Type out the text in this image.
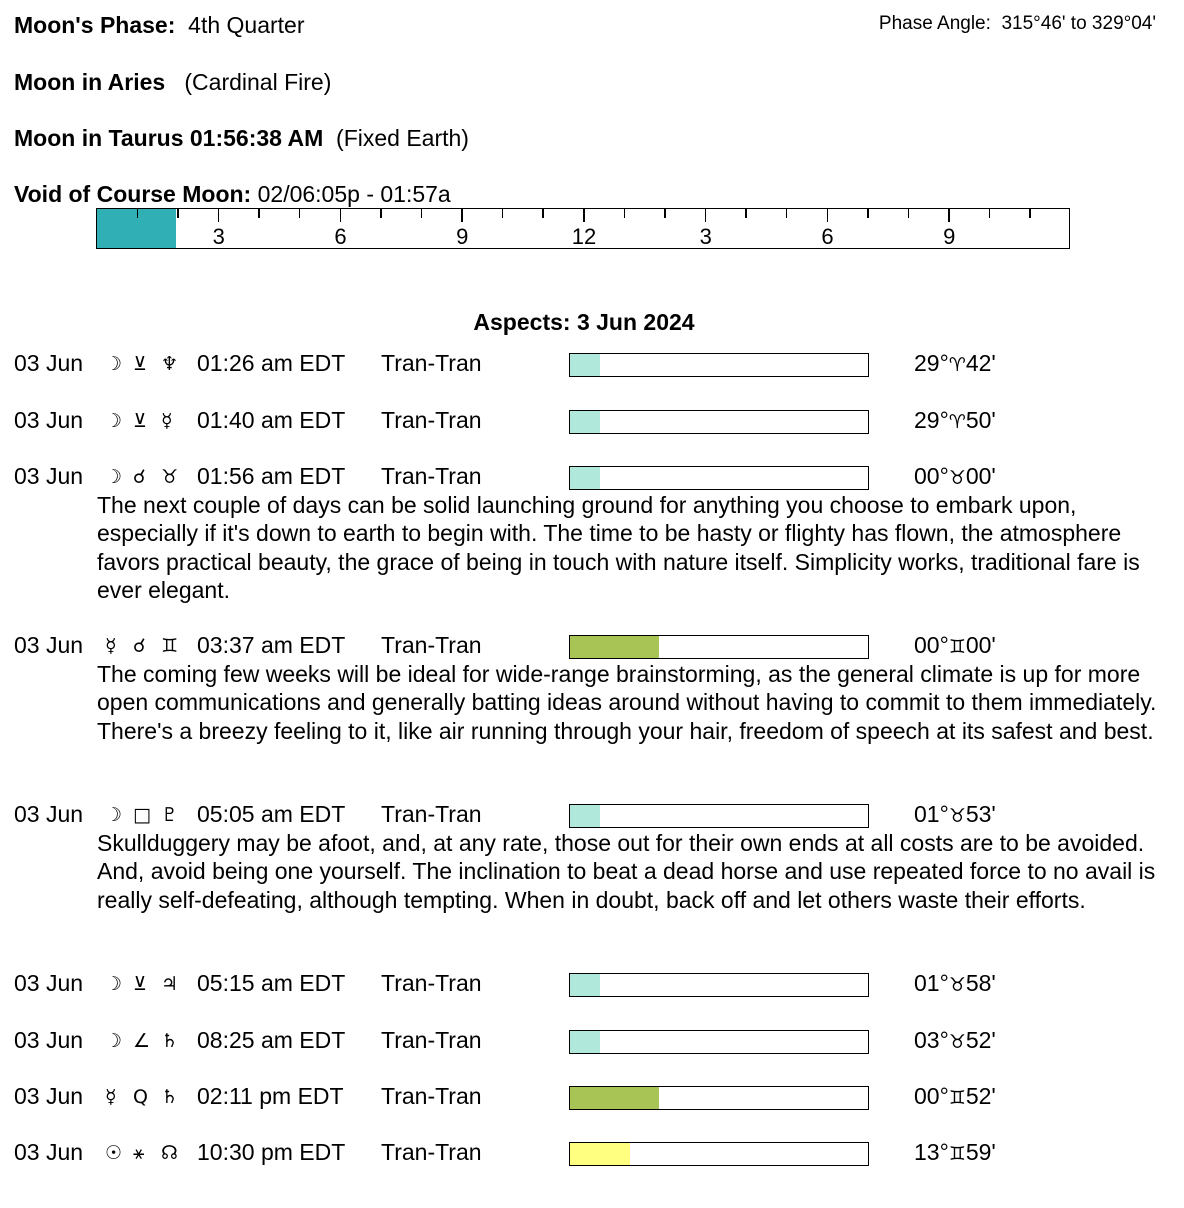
Moon's Phase: 4th Quarter	Phase Angle: 315°46' to 329°04'
Moon in Aries (Cardinal Fire)
Moon in Taurus 01:56:38 AM (Fixed Earth)
Void of Course Moon: 02/06:05p - 01:57a
3	6	9	12	3	6	9
Aspects: 3 Jun 2024
03 Jun ☽ ⊻ ♆ 01:26 am EDT Tran-Tran	29°♈42'
03 Jun ☽ ⊻ ☿ 01:40 am EDT Tran-Tran	29°♈50'
03 Jun ☽ ☌ ♉ 01:56 am EDT Tran-Tran	00°♉00'
The next couple of days can be solid launching ground for anything you choose to embark upon, especially if it's down to earth to begin with. The time to be hasty or flighty has flown, the atmosphere favors practical beauty, the grace of being in touch with nature itself. Simplicity works, traditional fare is ever elegant.
03 Jun ☿ ☌ ♊ 03:37 am EDT Tran-Tran	00°♊00'
The coming few weeks will be ideal for wide-range brainstorming, as the general climate is up for more open communications and generally batting ideas around without having to commit to them immediately. There's a breezy feeling to it, like air running through your hair, freedom of speech at its safest and best.
03 Jun ☽ □ ♇ 05:05 am EDT Tran-Tran	01°♉53'
Skullduggery may be afoot, and, at any rate, those out for their own ends at all costs are to be avoided. And, avoid being one yourself. The inclination to beat a dead horse and use repeated force to no avail is really self-defeating, although tempting. When in doubt, back off and let others waste their efforts.
03 Jun ☽ ⊻ ♃ 05:15 am EDT Tran-Tran	01°♉58'
03 Jun ☽ ∠ ♄ 08:25 am EDT Tran-Tran	03°♉52'
03 Jun ☿ Q ♄ 02:11 pm EDT Tran-Tran	00°♊52'
03 Jun ☉ ⚹ ☊ 10:30 pm EDT Tran-Tran	13°♊59'
